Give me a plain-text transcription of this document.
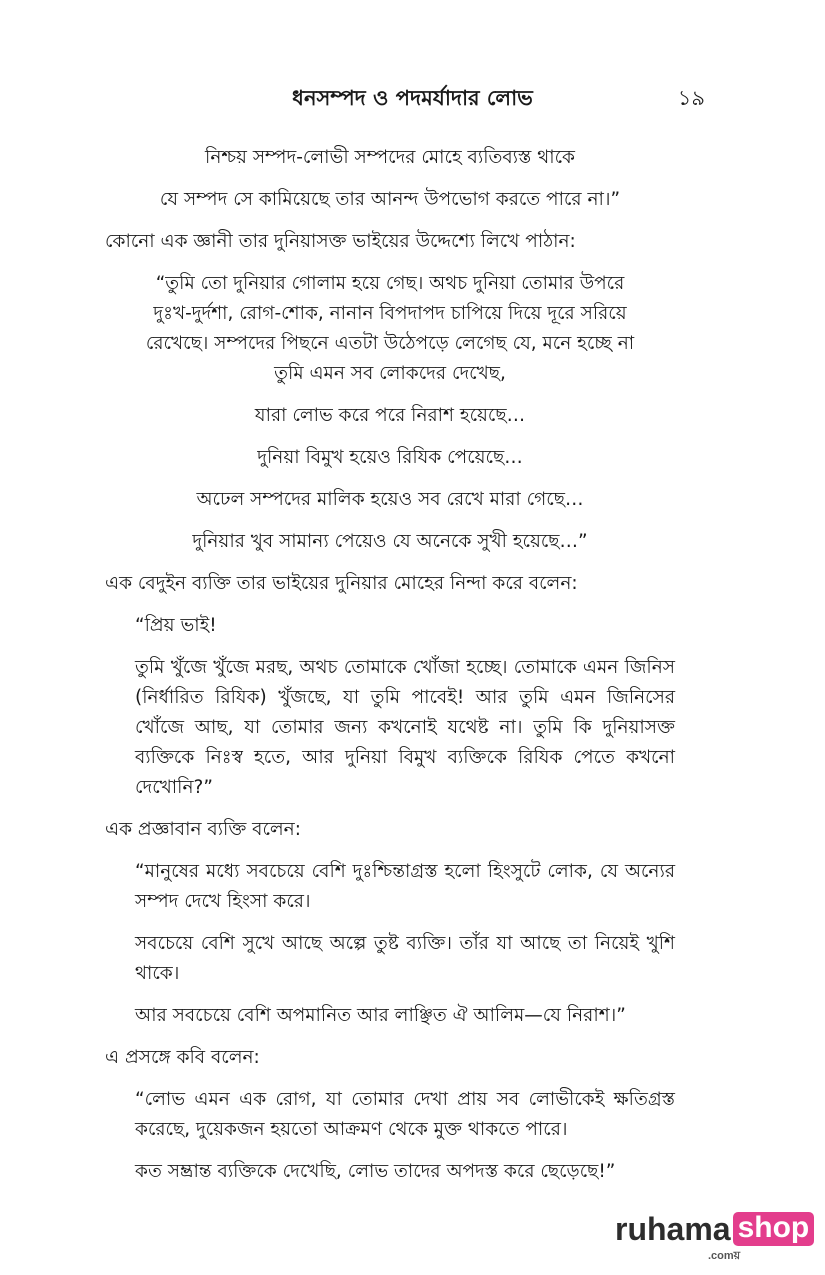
ধনসম্পদ ও পদমর্যাদার লোভ	১৯

নিশ্চয় সম্পদ-লোভী সম্পদের মোহে ব্যতিব্যস্ত থাকে

যে সম্পদ সে কামিয়েছে তার আনন্দ উপভোগ করতে পারে না।”

কোনো এক জ্ঞানী তার দুনিয়াসক্ত ভাইয়ের উদ্দেশ্যে লিখে পাঠান:

“তুমি তো দুনিয়ার গোলাম হয়ে গেছ। অথচ দুনিয়া তোমার উপরে দুঃখ-দুর্দশা, রোগ-শোক, নানান বিপদাপদ চাপিয়ে দিয়ে দূরে সরিয়ে রেখেছে। সম্পদের পিছনে এতটা উঠেপড়ে লেগেছ যে, মনে হচ্ছে না তুমি এমন সব লোকদের দেখেছ,

যারা লোভ করে পরে নিরাশ হয়েছে…

দুনিয়া বিমুখ হয়েও রিযিক পেয়েছে…

অঢেল সম্পদের মালিক হয়েও সব রেখে মারা গেছে…

দুনিয়ার খুব সামান্য পেয়েও যে অনেকে সুখী হয়েছে…”

এক বেদুইন ব্যক্তি তার ভাইয়ের দুনিয়ার মোহের নিন্দা করে বলেন:

“প্রিয় ভাই!

তুমি খুঁজে খুঁজে মরছ, অথচ তোমাকে খোঁজা হচ্ছে। তোমাকে এমন জিনিস (নির্ধারিত রিযিক) খুঁজছে, যা তুমি পাবেই! আর তুমি এমন জিনিসের খোঁজে আছ, যা তোমার জন্য কখনোই যথেষ্ট না। তুমি কি দুনিয়াসক্ত ব্যক্তিকে নিঃস্ব হতে, আর দুনিয়া বিমুখ ব্যক্তিকে রিযিক পেতে কখনো দেখোনি?”

এক প্রজ্ঞাবান ব্যক্তি বলেন:

“মানুষের মধ্যে সবচেয়ে বেশি দুঃশ্চিন্তাগ্রস্ত হলো হিংসুটে লোক, যে অন্যের সম্পদ দেখে হিংসা করে।

সবচেয়ে বেশি সুখে আছে অল্পে তুষ্ট ব্যক্তি। তাঁর যা আছে তা নিয়েই খুশি থাকে।

আর সবচেয়ে বেশি অপমানিত আর লাঞ্ছিত ঐ আলিম—যে নিরাশ।”

এ প্রসঙ্গে কবি বলেন:

“লোভ এমন এক রোগ, যা তোমার দেখা প্রায় সব লোভীকেই ক্ষতিগ্রস্ত করেছে, দুয়েকজন হয়তো আক্রমণ থেকে মুক্ত থাকতে পারে।

কত সম্ভ্রান্ত ব্যক্তিকে দেখেছি, লোভ তাদের অপদস্ত করে ছেড়েছে!”

ruhama shop
.comয়
